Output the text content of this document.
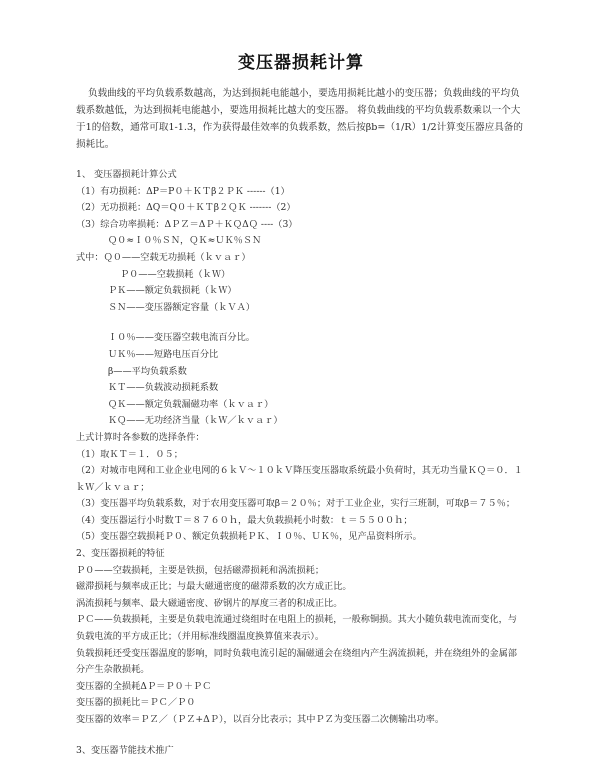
变压器损耗计算

负载曲线的平均负载系数越高，为达到损耗电能越小，要选用损耗比越小的变压器；负载曲线的平均负载系数越低，为达到损耗电能越小，要选用损耗比越大的变压器。 将负载曲线的平均负载系数乘以一个大于1的倍数，通常可取1-1.3，作为获得最佳效率的负载系数，然后按βb=（1/R）1/2计算变压器应具备的损耗比。

1、 变压器损耗计算公式

（1）有功损耗：ΔP＝P０＋ＫＴβ２ＰＫ ------（1）

（2）无功损耗：ΔQ＝Q０＋ＫＴβ２ＱＫ -------（2）

（3）综合功率损耗：ΔＰＺ＝ΔＰ＋ＫＱΔＱ ----（3）

Ｑ０≈Ｉ０％ＳＮ，ＱＫ≈ＵＫ％ＳＮ

式中：Ｑ０——空载无功损耗（ｋｖａｒ）

Ｐ０——空载损耗（ｋＷ）

ＰＫ——额定负载损耗（ｋＷ）

ＳＮ——变压器额定容量（ｋＶＡ）

Ｉ０％——变压器空载电流百分比。

ＵＫ％——短路电压百分比

β——平均负载系数

ＫＴ——负载波动损耗系数

ＱＫ——额定负载漏磁功率（ｋｖａｒ）

ＫＱ——无功经济当量（ｋＷ／ｋｖａｒ）

上式计算时各参数的选择条件：

（1）取ＫＴ＝１．０５；

（2）对城市电网和工业企业电网的６ｋＶ～１０ｋＶ降压变压器取系统最小负荷时，其无功当量ＫＱ＝０．１ｋＷ／ｋｖａｒ；

（3）变压器平均负载系数，对于农用变压器可取β＝２０％；对于工业企业，实行三班制，可取β＝７５％；

（4）变压器运行小时数Ｔ＝８７６０ｈ，最大负载损耗小时数：ｔ＝５５００ｈ；

（5）变压器空载损耗Ｐ０、额定负载损耗ＰＫ、Ｉ０％、ＵＫ％，见产品资料所示。

2、变压器损耗的特征

Ｐ０——空载损耗，主要是铁损，包括磁滞损耗和涡流损耗；

磁滞损耗与频率成正比；与最大磁通密度的磁滞系数的次方成正比。

涡流损耗与频率、最大磁通密度、矽钢片的厚度三者的积成正比。

ＰＣ——负载损耗，主要是负载电流通过绕组时在电阻上的损耗，一般称铜损。其大小随负载电流而变化，与负载电流的平方成正比；（并用标准线圈温度换算值来表示）。

负载损耗还受变压器温度的影响，同时负载电流引起的漏磁通会在绕组内产生涡流损耗，并在绕组外的金属部分产生杂散损耗。

变压器的全损耗ΔＰ＝Ｐ０＋ＰＣ

变压器的损耗比＝ＰＣ／Ｐ０

变压器的效率＝ＰＺ／（ＰＺ+ΔＰ），以百分比表示；其中ＰＺ为变压器二次侧输出功率。

3、变压器节能技术推广
